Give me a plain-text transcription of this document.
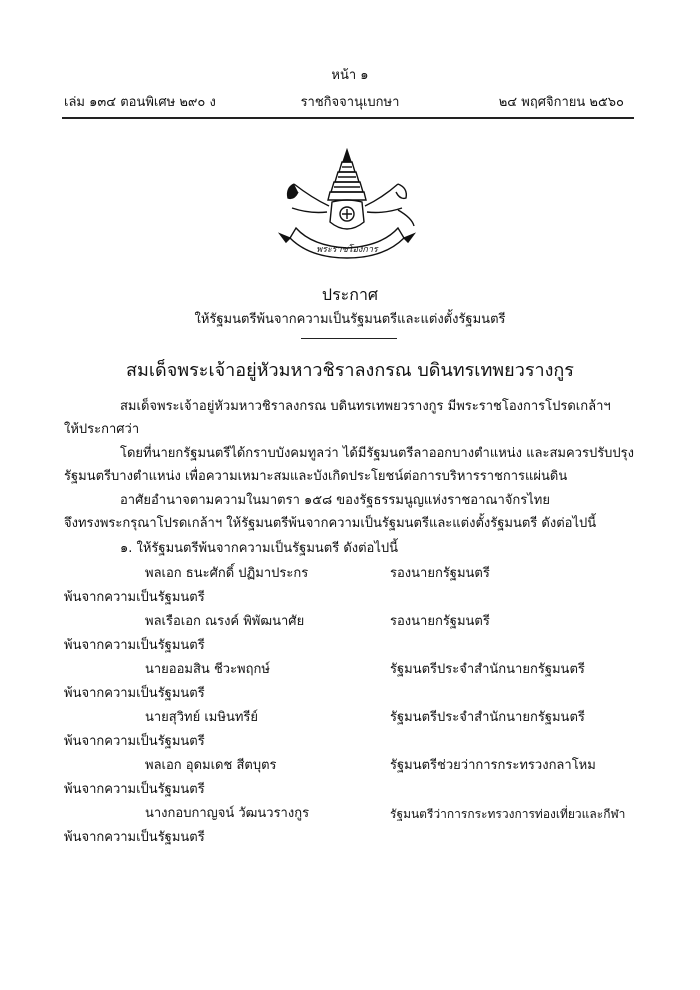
หน้า ๑
เล่ม ๑๓๔ ตอนพิเศษ ๒๙๐ ง	ราชกิจจานุเบกษา	๒๔ พฤศจิกายน ๒๕๖๐
พระราชโองการ
ประกาศ
ให้รัฐมนตรีพ้นจากความเป็นรัฐมนตรีและแต่งตั้งรัฐมนตรี
สมเด็จพระเจ้าอยู่หัวมหาวชิราลงกรณ บดินทรเทพยวรางกูร
สมเด็จพระเจ้าอยู่หัวมหาวชิราลงกรณ บดินทรเทพยวรางกูร มีพระราชโองการโปรดเกล้าฯ
ให้ประกาศว่า
โดยที่นายกรัฐมนตรีได้กราบบังคมทูลว่า ได้มีรัฐมนตรีลาออกบางตำแหน่ง และสมควรปรับปรุง
รัฐมนตรีบางตำแหน่ง เพื่อความเหมาะสมและบังเกิดประโยชน์ต่อการบริหารราชการแผ่นดิน
อาศัยอำนาจตามความในมาตรา ๑๕๘ ของรัฐธรรมนูญแห่งราชอาณาจักรไทย
จึงทรงพระกรุณาโปรดเกล้าฯ ให้รัฐมนตรีพ้นจากความเป็นรัฐมนตรีและแต่งตั้งรัฐมนตรี ดังต่อไปนี้
๑. ให้รัฐมนตรีพ้นจากความเป็นรัฐมนตรี ดังต่อไปนี้
พลเอก ธนะศักดิ์ ปฏิมาประกร	รองนายกรัฐมนตรี
พ้นจากความเป็นรัฐมนตรี
พลเรือเอก ณรงค์ พิพัฒนาศัย	รองนายกรัฐมนตรี
พ้นจากความเป็นรัฐมนตรี
นายออมสิน ชีวะพฤกษ์	รัฐมนตรีประจำสำนักนายกรัฐมนตรี
พ้นจากความเป็นรัฐมนตรี
นายสุวิทย์ เมษินทรีย์	รัฐมนตรีประจำสำนักนายกรัฐมนตรี
พ้นจากความเป็นรัฐมนตรี
พลเอก อุดมเดช สีตบุตร	รัฐมนตรีช่วยว่าการกระทรวงกลาโหม
พ้นจากความเป็นรัฐมนตรี
นางกอบกาญจน์ วัฒนวรางกูร	รัฐมนตรีว่าการกระทรวงการท่องเที่ยวและกีฬา
พ้นจากความเป็นรัฐมนตรี
